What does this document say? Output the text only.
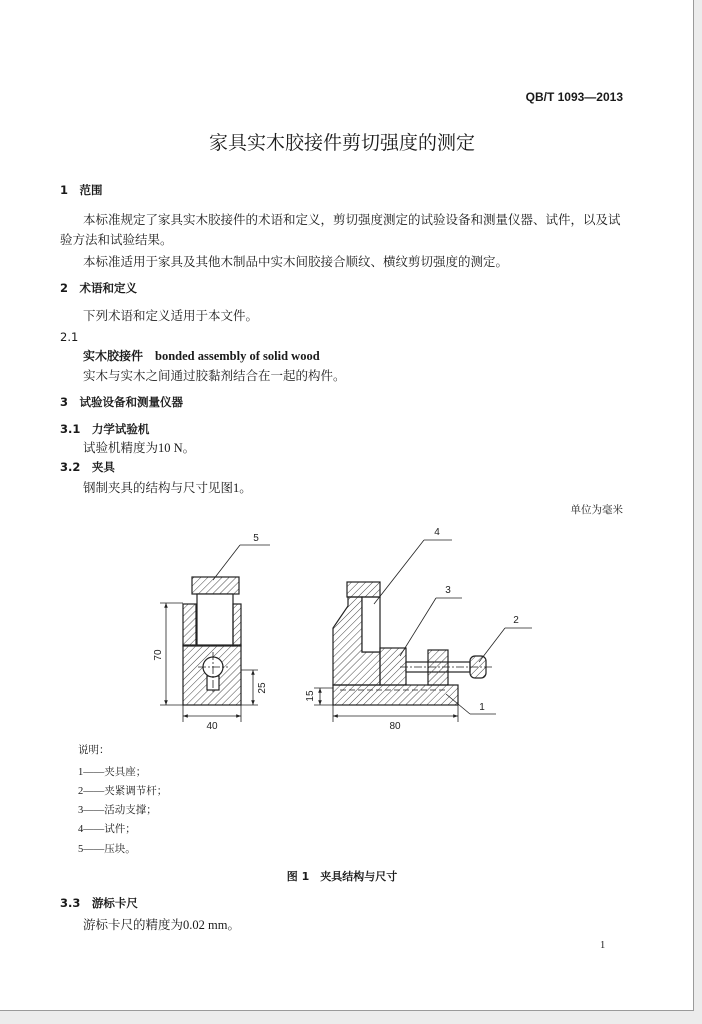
QB/T 1093—2013
家具实木胶接件剪切强度的测定
1　范围
本标准规定了家具实木胶接件的术语和定义，剪切强度测定的试验设备和测量仪器、试件，以及试
验方法和试验结果。
本标准适用于家具及其他木制品中实木间胶接合顺纹、横纹剪切强度的测定。
2　术语和定义
下列术语和定义适用于本文件。
2.1
实木胶接件 bonded assembly of solid wood
实木与实木之间通过胶黏剂结合在一起的构件。
3　试验设备和测量仪器
3.1　力学试验机
试验机精度为10 N。
3.2　夹具
钢制夹具的结构与尺寸见图1。
单位为毫米
70
25
40
5
15
80
4
3
2
1
说明：
1——夹具座；
2——夹紧调节杆；
3——活动支撑；
4——试件；
5——压块。
图 1　夹具结构与尺寸
3.3　游标卡尺
游标卡尺的精度为0.02 mm。
1
